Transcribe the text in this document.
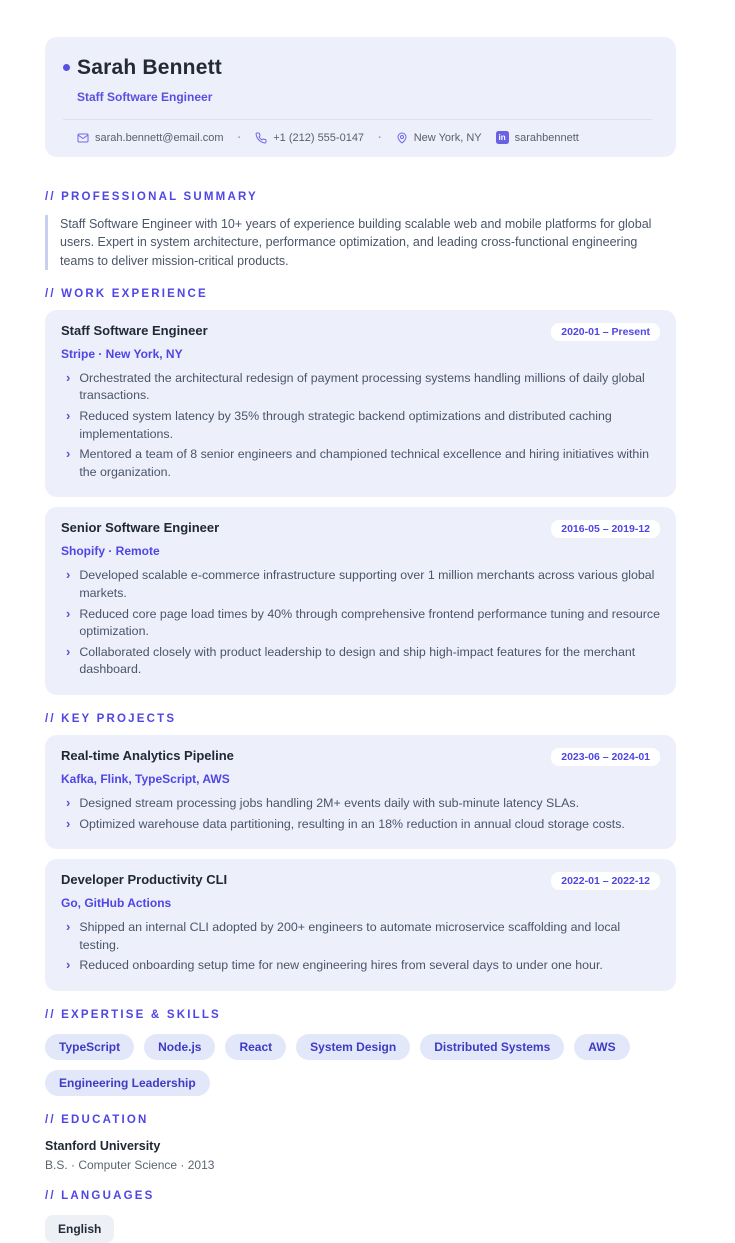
Sarah Bennett
Staff Software Engineer
sarah.bennett@email.com ·	+1 (212) 555-0147 ·	New York, NY	in sarahbennett
// PROFESSIONAL SUMMARY

Staff Software Engineer with 10+ years of experience building scalable web and mobile platforms for global users. Expert in system architecture, performance optimization, and leading cross-functional engineering teams to deliver mission-critical products.

// WORK EXPERIENCE
Staff Software Engineer	2020-01 – Present
Stripe · New York, NY
› Orchestrated the architectural redesign of payment processing systems handling millions of daily global transactions.
› Reduced system latency by 35% through strategic backend optimizations and distributed caching implementations.
› Mentored a team of 8 senior engineers and championed technical excellence and hiring initiatives within the organization.
Senior Software Engineer	2016-05 – 2019-12
Shopify · Remote
› Developed scalable e-commerce infrastructure supporting over 1 million merchants across various global markets.
› Reduced core page load times by 40% through comprehensive frontend performance tuning and resource optimization.
› Collaborated closely with product leadership to design and ship high-impact features for the merchant dashboard.
// KEY PROJECTS
Real-time Analytics Pipeline	2023-06 – 2024-01
Kafka, Flink, TypeScript, AWS
› Designed stream processing jobs handling 2M+ events daily with sub-minute latency SLAs.
› Optimized warehouse data partitioning, resulting in an 18% reduction in annual cloud storage costs.
Developer Productivity CLI	2022-01 – 2022-12
Go, GitHub Actions
› Shipped an internal CLI adopted by 200+ engineers to automate microservice scaffolding and local testing.
› Reduced onboarding setup time for new engineering hires from several days to under one hour.
// EXPERTISE & SKILLS
TypeScript	Node.js	React	System Design	Distributed Systems	AWS
Engineering Leadership
// EDUCATION
Stanford University
B.S. · Computer Science · 2013
// LANGUAGES
English
